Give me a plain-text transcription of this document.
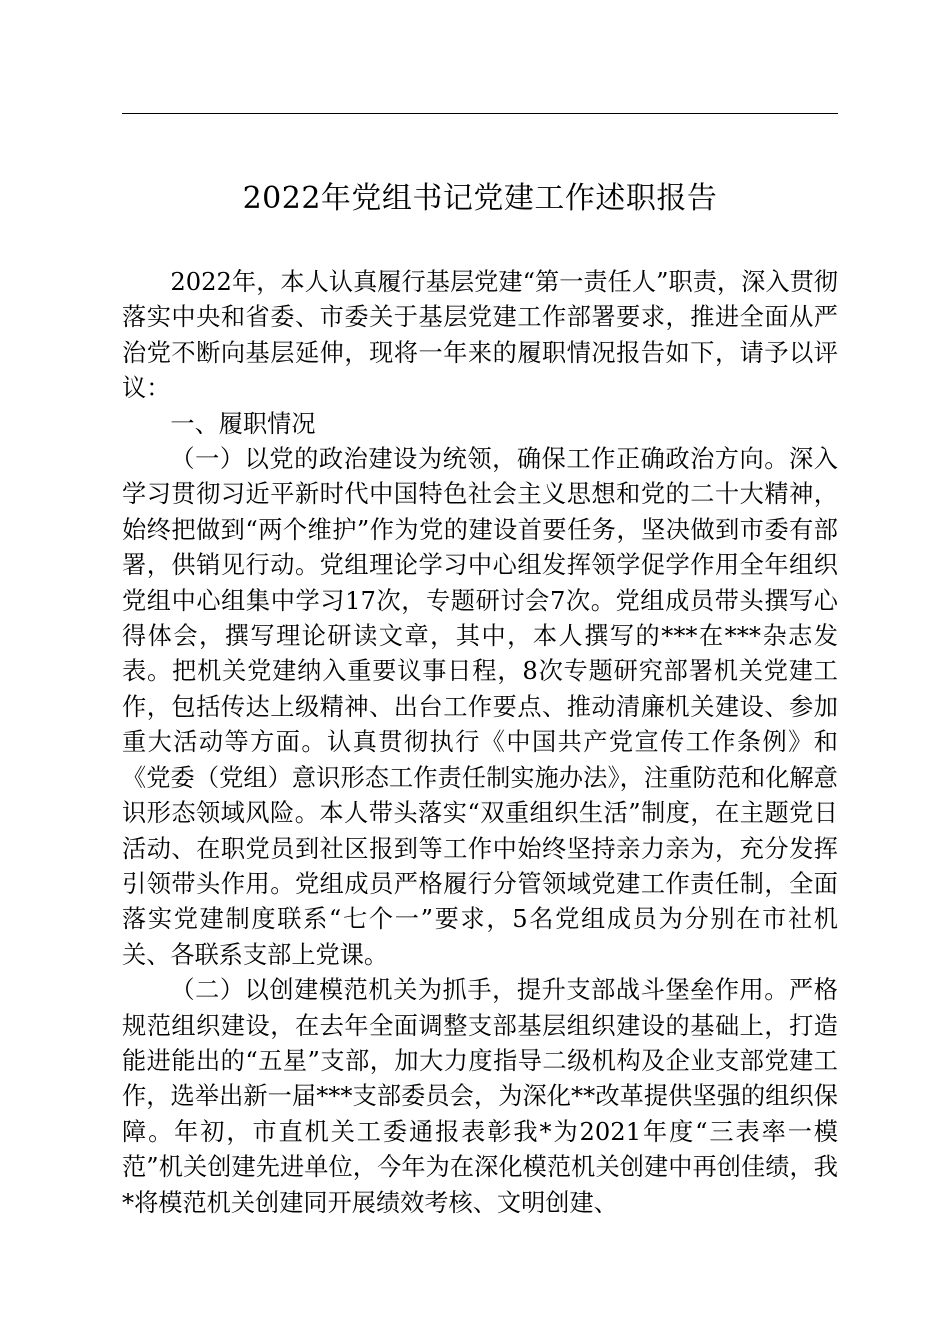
2022年党组书记党建工作述职报告

2022年，本人认真履行基层党建“第一责任人”职责，深入贯彻落实中央和省委、市委关于基层党建工作部署要求，推进全面从严治党不断向基层延伸，现将一年来的履职情况报告如下，请予以评议：

一、履职情况

（一）以党的政治建设为统领，确保工作正确政治方向。深入学习贯彻习近平新时代中国特色社会主义思想和党的二十大精神，始终把做到“两个维护”作为党的建设首要任务，坚决做到市委有部署，供销见行动。党组理论学习中心组发挥领学促学作用全年组织党组中心组集中学习17次，专题研讨会7次。党组成员带头撰写心得体会，撰写理论研读文章，其中，本人撰写的***在***杂志发表。把机关党建纳入重要议事日程，8次专题研究部署机关党建工作，包括传达上级精神、出台工作要点、推动清廉机关建设、参加重大活动等方面。认真贯彻执行《中国共产党宣传工作条例》和《党委（党组）意识形态工作责任制实施办法》，注重防范和化解意识形态领域风险。本人带头落实“双重组织生活”制度，在主题党日活动、在职党员到社区报到等工作中始终坚持亲力亲为，充分发挥引领带头作用。党组成员严格履行分管领域党建工作责任制，全面落实党建制度联系“七个一”要求，5名党组成员为分别在市社机关、各联系支部上党课。

（二）以创建模范机关为抓手，提升支部战斗堡垒作用。严格规范组织建设，在去年全面调整支部基层组织建设的基础上，打造能进能出的“五星”支部，加大力度指导二级机构及企业支部党建工作，选举出新一届***支部委员会，为深化**改革提供坚强的组织保障。年初，市直机关工委通报表彰我*为2021年度“三表率一模范”机关创建先进单位，今年为在深化模范机关创建中再创佳绩，我*将模范机关创建同开展绩效考核、文明创建、
